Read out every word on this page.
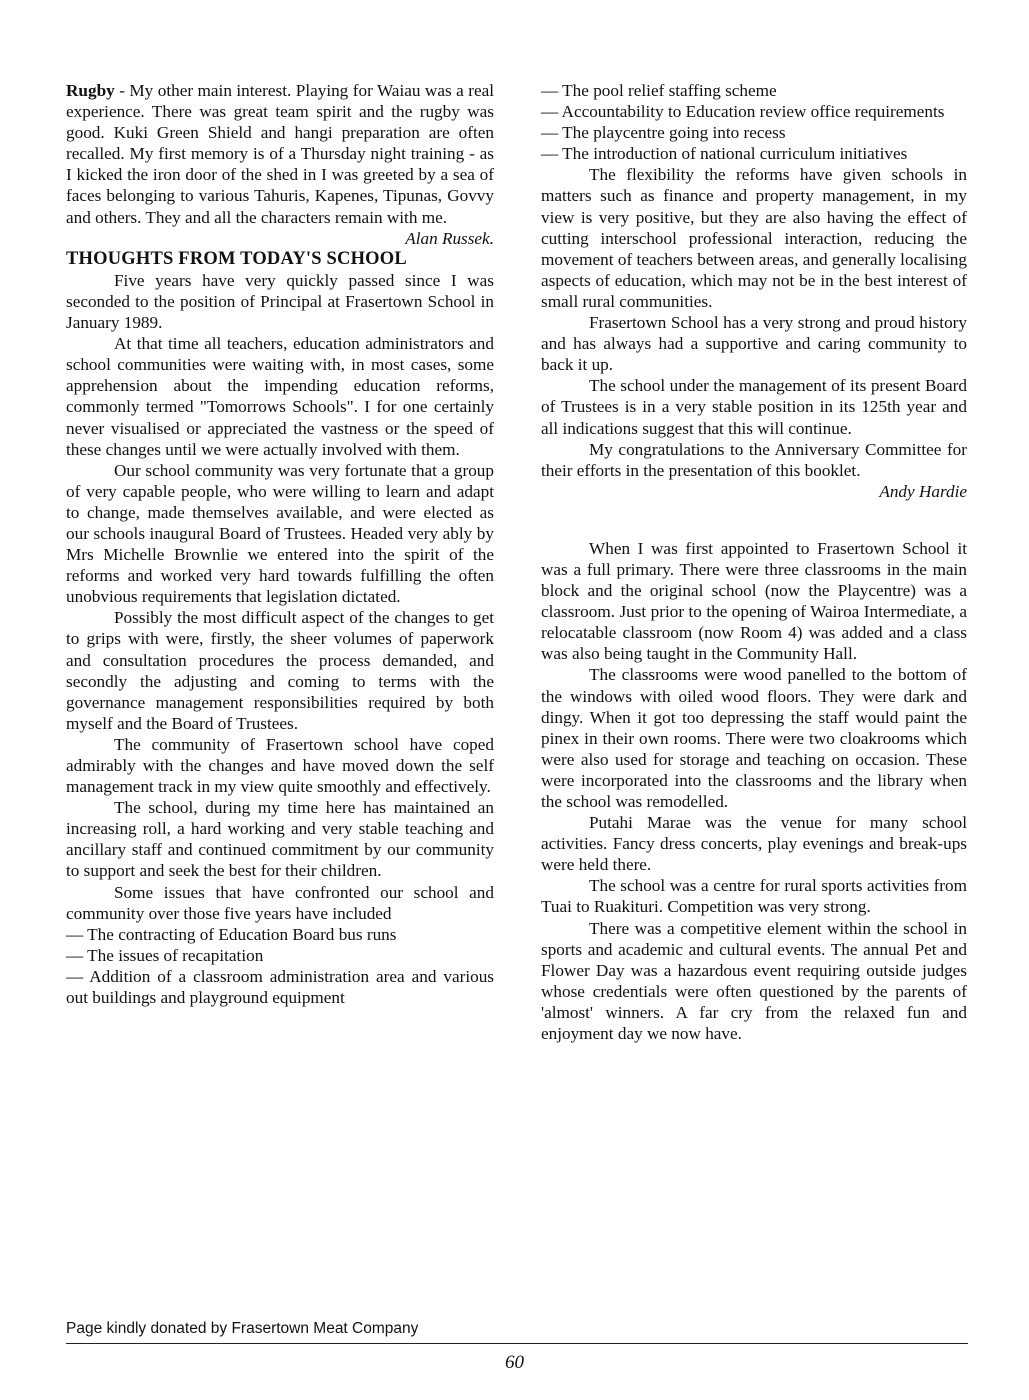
Rugby - My other main interest. Playing for Waiau was a real experience. There was great team spirit and the rugby was good. Kuki Green Shield and hangi preparation are often recalled. My first memory is of a Thursday night training - as I kicked the iron door of the shed in I was greeted by a sea of faces belonging to various Tahuris, Kapenes, Tipunas, Govvy and others. They and all the characters remain with me.

Alan Russek.

THOUGHTS FROM TODAY'S SCHOOL

Five years have very quickly passed since I was seconded to the position of Principal at Frasertown School in January 1989.

At that time all teachers, education administrators and school communities were waiting with, in most cases, some apprehension about the impending education reforms, commonly termed "Tomorrows Schools". I for one certainly never visualised or appreciated the vastness or the speed of these changes until we were actually involved with them.

Our school community was very fortunate that a group of very capable people, who were willing to learn and adapt to change, made themselves available, and were elected as our schools inaugural Board of Trustees. Headed very ably by Mrs Michelle Brownlie we entered into the spirit of the reforms and worked very hard towards fulfilling the often unobvious requirements that legislation dictated.

Possibly the most difficult aspect of the changes to get to grips with were, firstly, the sheer volumes of paperwork and consultation procedures the process demanded, and secondly the adjusting and coming to terms with the governance management responsibilities required by both myself and the Board of Trustees.

The community of Frasertown school have coped admirably with the changes and have moved down the self management track in my view quite smoothly and effectively.

The school, during my time here has maintained an increasing roll, a hard working and very stable teaching and ancillary staff and continued commitment by our community to support and seek the best for their children.

Some issues that have confronted our school and community over those five years have included

— The contracting of Education Board bus runs

— The issues of recapitation

— Addition of a classroom administration area and various out buildings and playground equipment

— The pool relief staffing scheme

— Accountability to Education review office requirements

— The playcentre going into recess

— The introduction of national curriculum initiatives

The flexibility the reforms have given schools in matters such as finance and property management, in my view is very positive, but they are also having the effect of cutting interschool professional interaction, reducing the movement of teachers between areas, and generally localising aspects of education, which may not be in the best interest of small rural communities.

Frasertown School has a very strong and proud history and has always had a supportive and caring community to back it up.

The school under the management of its present Board of Trustees is in a very stable position in its 125th year and all indications suggest that this will continue.

My congratulations to the Anniversary Committee for their efforts in the presentation of this booklet.

Andy Hardie

When I was first appointed to Frasertown School it was a full primary. There were three classrooms in the main block and the original school (now the Playcentre) was a classroom. Just prior to the opening of Wairoa Intermediate, a relocatable classroom (now Room 4) was added and a class was also being taught in the Community Hall.

The classrooms were wood panelled to the bottom of the windows with oiled wood floors. They were dark and dingy. When it got too depressing the staff would paint the pinex in their own rooms. There were two cloakrooms which were also used for storage and teaching on occasion. These were incorporated into the classrooms and the library when the school was remodelled.

Putahi Marae was the venue for many school activities. Fancy dress concerts, play evenings and break-ups were held there.

The school was a centre for rural sports activities from Tuai to Ruakituri. Competition was very strong.

There was a competitive element within the school in sports and academic and cultural events. The annual Pet and Flower Day was a hazardous event requiring outside judges whose credentials were often questioned by the parents of 'almost' winners. A far cry from the relaxed fun and enjoyment day we now have.

Page kindly donated by Frasertown Meat Company
60
